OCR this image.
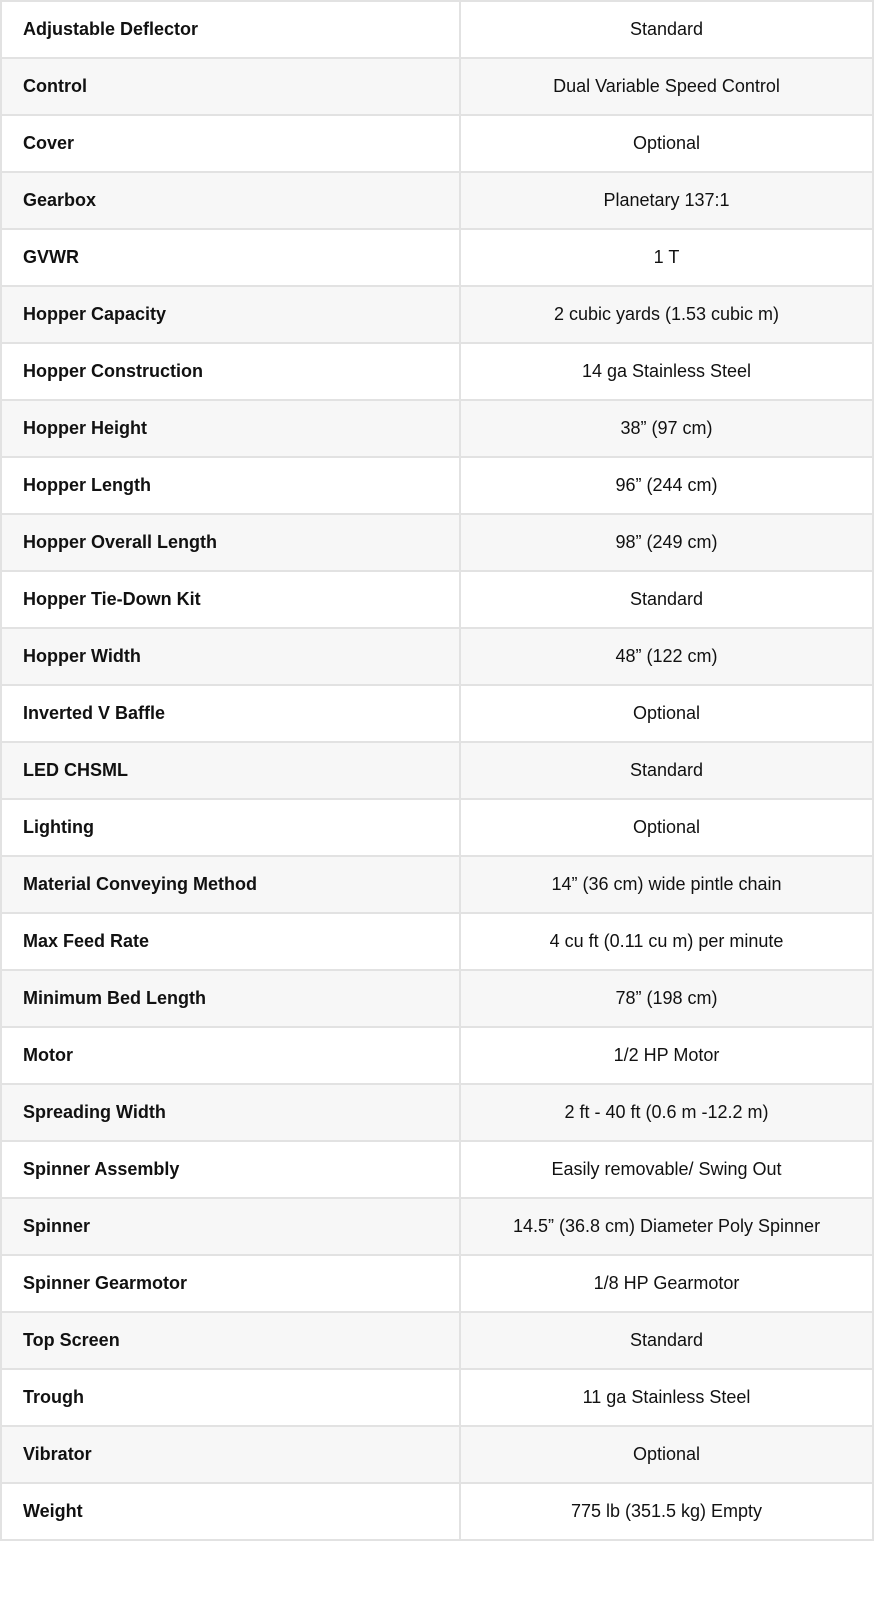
Adjustable Deflector	Standard
Control	Dual Variable Speed Control
Cover	Optional
Gearbox	Planetary 137:1
GVWR	1 T
Hopper Capacity	2 cubic yards (1.53 cubic m)
Hopper Construction	14 ga Stainless Steel
Hopper Height	38” (97 cm)
Hopper Length	96” (244 cm)
Hopper Overall Length	98” (249 cm)
Hopper Tie-Down Kit	Standard
Hopper Width	48” (122 cm)
Inverted V Baffle	Optional
LED CHSML	Standard
Lighting	Optional
Material Conveying Method	14” (36 cm) wide pintle chain
Max Feed Rate	4 cu ft (0.11 cu m) per minute
Minimum Bed Length	78” (198 cm)
Motor	1/2 HP Motor
Spreading Width	2 ft - 40 ft (0.6 m -12.2 m)
Spinner Assembly	Easily removable/ Swing Out
Spinner	14.5” (36.8 cm) Diameter Poly Spinner
Spinner Gearmotor	1/8 HP Gearmotor
Top Screen	Standard
Trough	11 ga Stainless Steel
Vibrator	Optional
Weight	775 lb (351.5 kg) Empty
